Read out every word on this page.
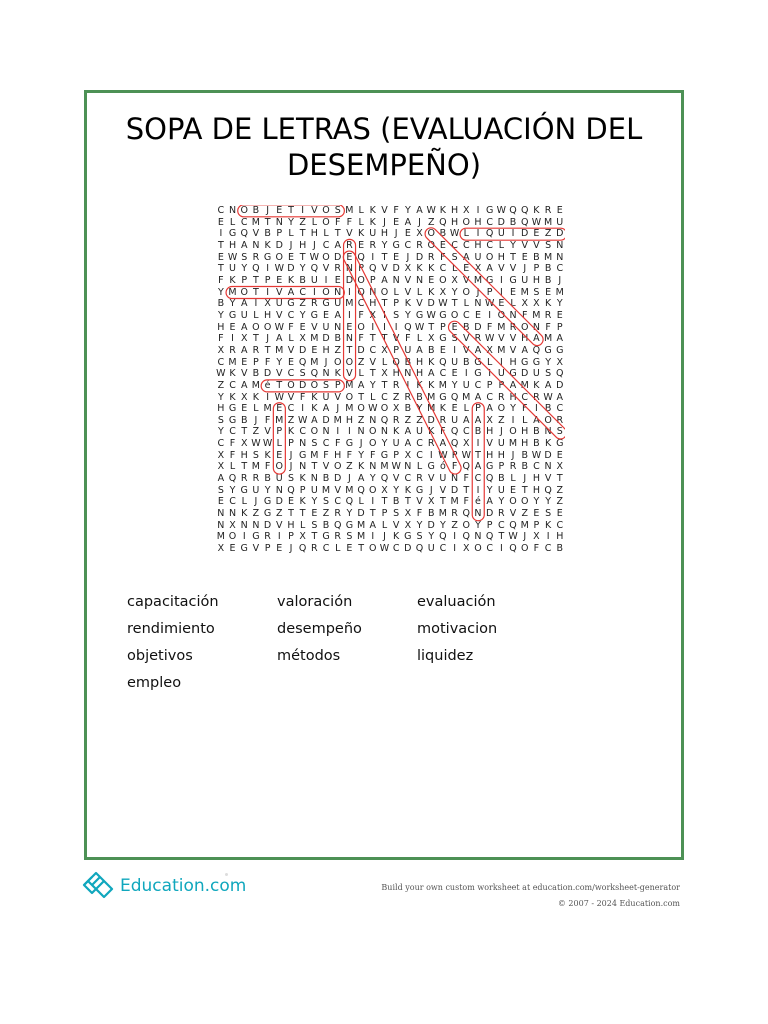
SOPA DE LETRAS (EVALUACIÓN DEL DESEMPEÑO)
C N O B J E T I V O S M L K V F Y A W K H X I G W Q Q K R E
E L C M T N Y Z L O F F L K J E A J Z Q H O H C D B Q W M U
I G Q V B P L T H L T V K U H J E X O B W L I Q U I D E Z D
T H A N K D J H J C A R E R Y G C R O E C C H C L Y V V S N
E W S R G O E T W O D E Q I T E J D R F S A U O H T E B M N
T U Y Q I W D Y Q V R N P Q V D X K K C L E X A V V J P B C
F K P T P E K B U I E D O P A N V N E O X V M G I G U H B J
Y M O T I V A C I O N I Q N O L V L K X Y O J P I E M S E M
B Y A I X U G Z R G U M C H T P K V D W T L N W E L X X K Y
Y G U L H V C Y G E A I F X I S Y G W G O C E I O N F M R E
H E A O O W F E V U N E O I I I Q W T P E B D F M R O N F P
F I X T J A L X M D B N F T T V F L X G S V R W V V H A M A
X R A R T M V D E H Z T D C X P U A B E I V A X M V A Q G G
C M E P F Y E Q M J O O Z V L Q B H K Q U B G L I H G G Y X
W K V B D V C S Q N K V L T X H N H A C E I G I U G D U S Q
Z C A M é T O D O S P M A Y T R I K K M Y U C P P A M K A D
Y K X K I W V F K U V O T L C Z R B M G Q M A C R H C R W A
H G E L M E C I K A J M O W O X B Y M K E L P A O Y F I B C
S G B J F M Z W A D M H Z N Q R Z Z D R U A A X Z I L A O R
Y C T Z V P K C O N I I N O N K A U K F Q C B H J O H B N S
C F X W W L P N S C F G J O Y U A C R A Q X I V U M H B K G
X F H S K E J G M F H F Y F G P X C I W P W T H H J B W D E
X L T M F O J N T V O Z K N M W N L G ó F Q A G P R B C N X
A Q R R B U S K N B D J A Y Q V C R V U N F C Q B L J H V T
S Y G U Y N Q P U M V M Q O X Y K G J V D T I Y U E T H Q Z
E C L J G D E K Y S C Q L I T B T V X T M F é A Y O O Y Y Z
N N K Z G Z T T E Z R Y D T P S X F B M R Q N D R V Z E S E
N X N N D V H L S B Q G M A L V X Y D Y Z O Y P C Q M P K C
M O I G R I P X T G R S M I J K G S Y Q I Q N Q T W J X I H
X E G V P E J Q R C L E T O W C D Q U C I X O C I Q O F C B
capacitación	valoración	evaluación
rendimiento	desempeño	motivacion
objetivos	métodos	liquidez
empleo
Education.com	Build your own custom worksheet at education.com/worksheet-generator
© 2007 - 2024 Education.com
